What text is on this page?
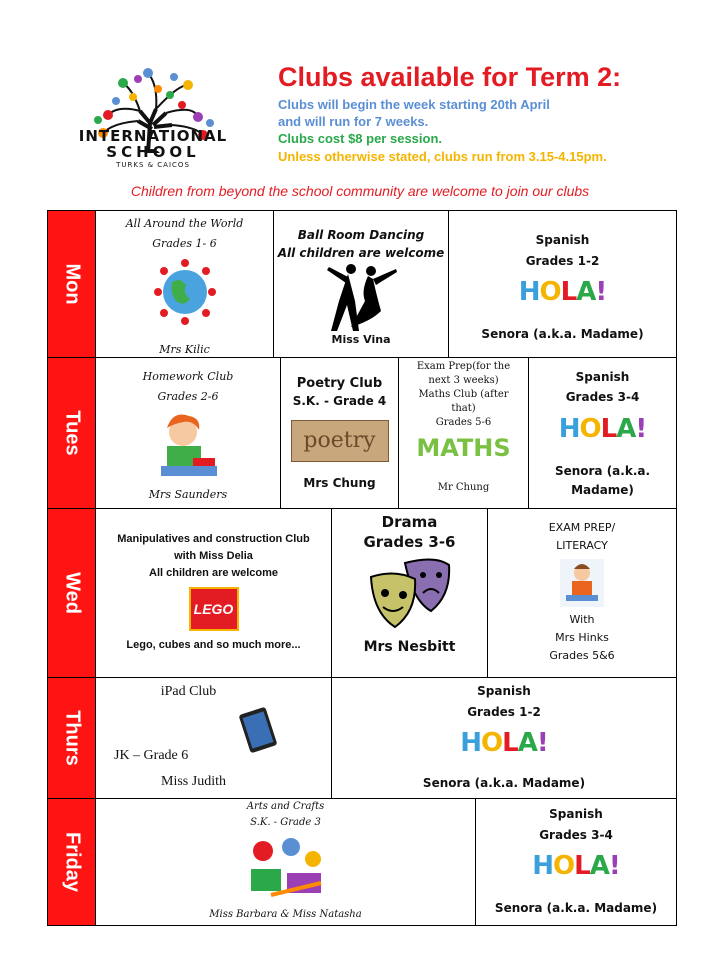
INTERNATIONAL
SCHOOL
TURKS & CAICOS
Clubs available for Term 2:
Clubs will begin the week starting 20th April
and will run for 7 weeks.
Clubs cost $8 per session.
Unless otherwise stated, clubs run from 3.15-4.15pm.
Children from beyond the school community are welcome to join our clubs
Mon
All Around the World
Grades 1- 6
Mrs Kilic
Ball Room Dancing
All children are welcome
Miss Vina
Spanish
Grades 1-2
HOLA!
Senora (a.k.a. Madame)
Tues
Homework Club
Grades 2-6
Mrs Saunders
Poetry Club
S.K. - Grade 4
poetry
Mrs Chung
Exam Prep(for the
next 3 weeks)
Maths Club (after
that)
Grades 5-6
MATHS
Mr Chung
Spanish
Grades 3-4
HOLA!
Senora (a.k.a.
Madame)
Wed
Manipulatives and construction Club
with Miss Delia
All children are welcome
LEGO
Lego, cubes and so much more...
Drama
Grades 3-6
Mrs Nesbitt
EXAM PREP/
LITERACY
With
Mrs Hinks
Grades 5&6
Thurs
iPad Club
JK – Grade 6
Miss Judith
Spanish
Grades 1-2
HOLA!
Senora (a.k.a. Madame)
Friday
Arts and Crafts
S.K. - Grade 3
Miss Barbara & Miss Natasha
Spanish
Grades 3-4
HOLA!
Senora (a.k.a. Madame)
